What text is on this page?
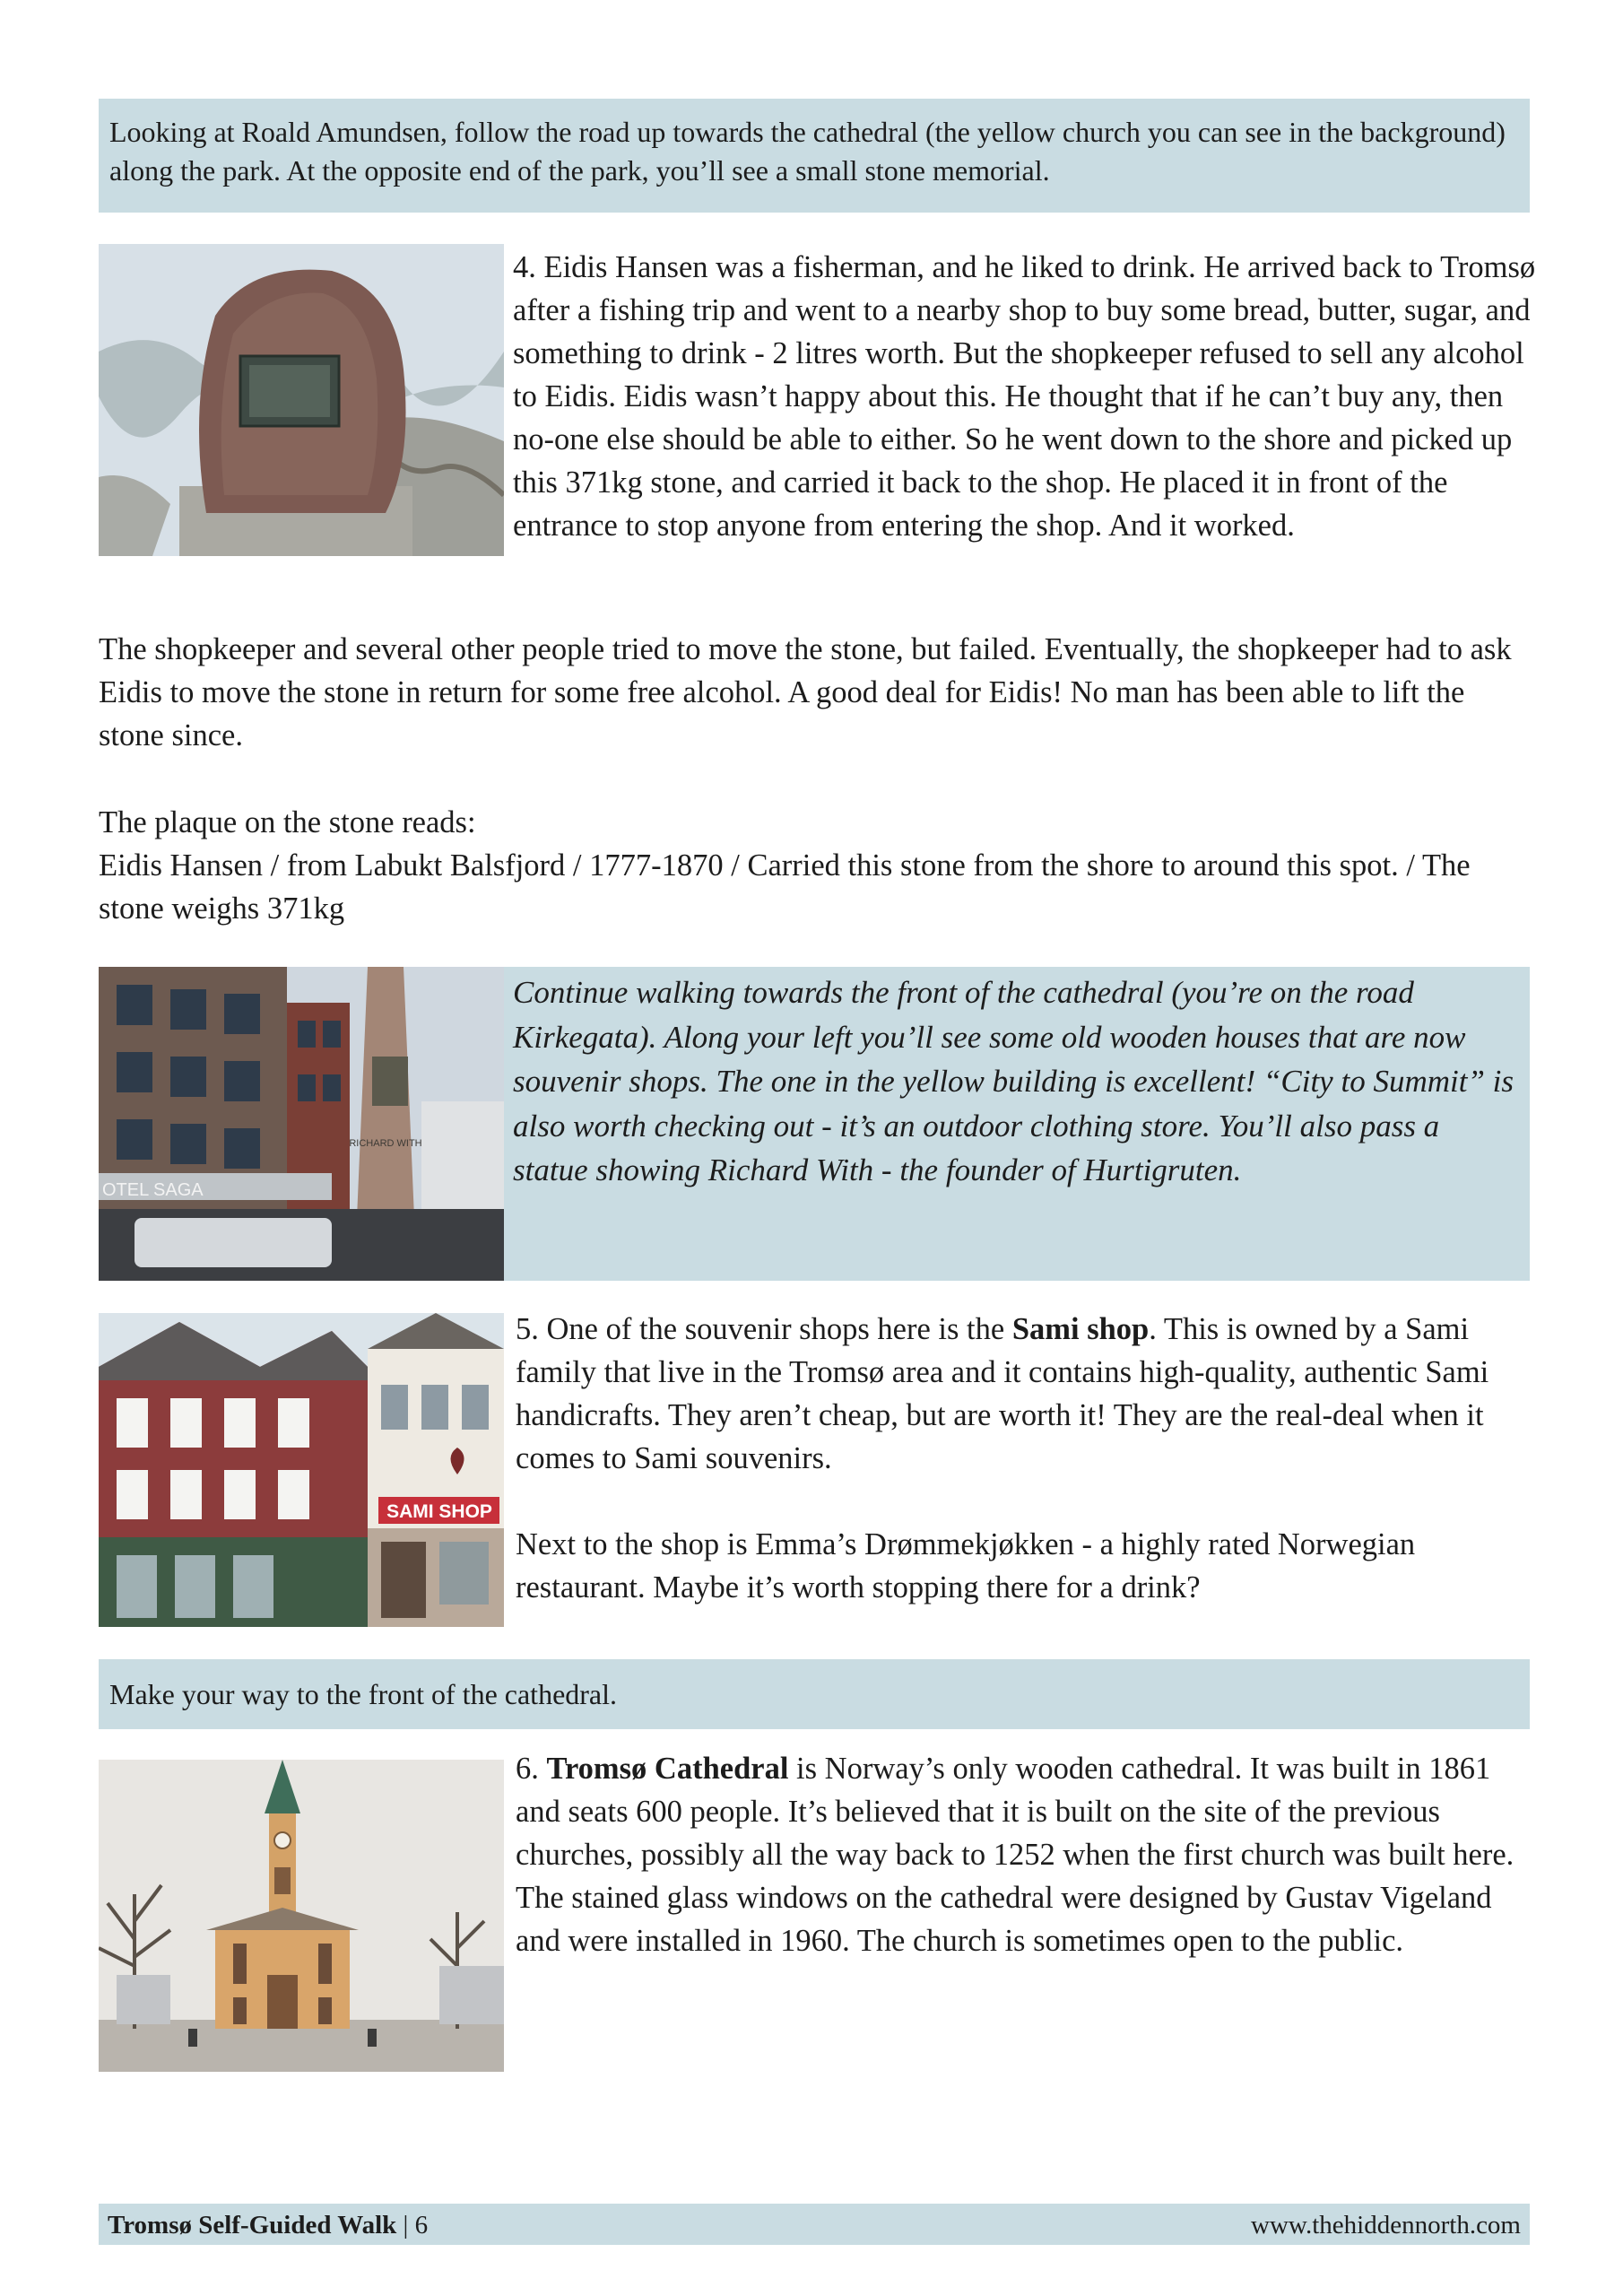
Looking at Roald Amundsen, follow the road up towards the cathedral (the yellow church you can see in the background) along the park. At the opposite end of the park, you’ll see a small stone memorial.

4. Eidis Hansen was a fisherman, and he liked to drink. He arrived back to Tromsø after a fishing trip and went to a nearby shop to buy some bread, butter, sugar, and something to drink - 2 litres worth. But the shopkeeper refused to sell any alcohol to Eidis. Eidis wasn’t happy about this. He thought that if he can’t buy any, then no-one else should be able to either. So he went down to the shore and picked up this 371kg stone, and carried it back to the shop. He placed it in front of the entrance to stop anyone from entering the shop. And it worked.

The shopkeeper and several other people tried to move the stone, but failed. Eventually, the shopkeeper had to ask Eidis to move the stone in return for some free alcohol. A good deal for Eidis! No man has been able to lift the stone since.

The plaque on the stone reads:

Eidis Hansen / from Labukt Balsfjord / 1777-1870 / Carried this stone from the shore to around this spot. / The stone weighs 371kg

RICHARD WITH
OTEL SAGA

Continue walking towards the front of the cathedral (you’re on the road Kirkegata). Along your left you’ll see some old wooden houses that are now souvenir shops. The one in the yellow building is excellent! “City to Summit” is also worth checking out - it’s an outdoor clothing store. You’ll also pass a statue showing Richard With - the founder of Hurtigruten.

SAMI SHOP

5. One of the souvenir shops here is the Sami shop. This is owned by a Sami family that live in the Tromsø area and it contains high-quality, authentic Sami handicrafts. They aren’t cheap, but are worth it! They are the real-deal when it comes to Sami souvenirs.

Next to the shop is Emma’s Drømmekjøkken - a highly rated Norwegian restaurant. Maybe it’s worth stopping there for a drink?

Make your way to the front of the cathedral.

6. Tromsø Cathedral is Norway’s only wooden cathedral. It was built in 1861 and seats 600 people. It’s believed that it is built on the site of the previous churches, possibly all the way back to 1252 when the first church was built here. The stained glass windows on the cathedral were designed by Gustav Vigeland and were installed in 1960. The church is sometimes open to the public.

Tromsø Self-Guided Walk | 6	www.thehiddennorth.com
